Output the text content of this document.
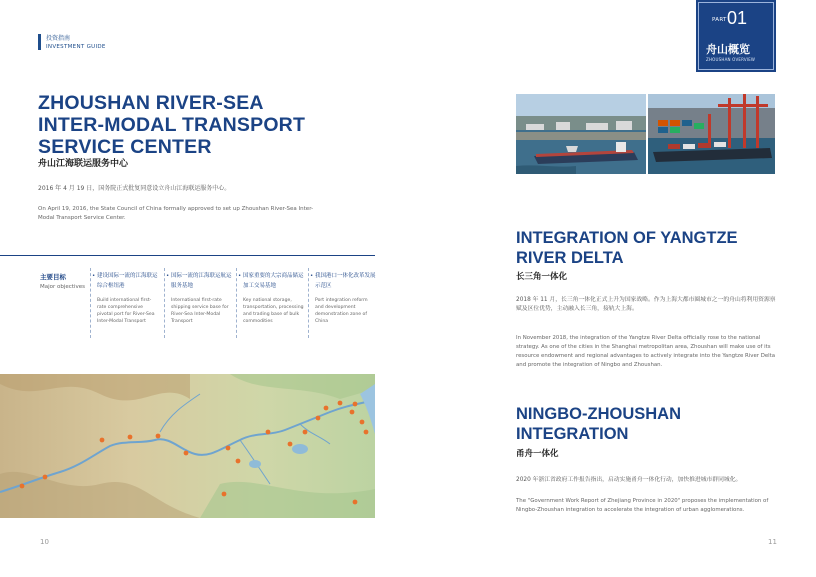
投资指南
INVESTMENT GUIDE
ZHOUSHAN RIVER-SEA
INTER-MODAL TRANSPORT
SERVICE CENTER
舟山江海联运服务中心
2016 年 4 月 19 日，国务院正式批复同意设立舟山江海联运服务中心。
On April 19, 2016, the State Council of China formally approved to set up Zhoushan River-Sea Inter-Modal Transport Service Center.
主要目标
Major objectives
• 建设国际一流的江海联运综合枢纽港
Build international first-rate comprehensive pivotal port for River-Sea Inter-Modal Transport
• 国际一流的江海联运航运服务基地
International first-rate shipping service base for River-Sea Inter-Modal Transport
• 国家重要的大宗商品储运加工交易基地
Key national storage, transportation, processing and trading base of bulk commodities
• 我国港口一体化改革发展示范区
Port integration reform and development demonstration zone of China
10
PART 01
舟山概览
ZHOUSHAN OVERVIEW
INTEGRATION OF YANGTZE
RIVER DELTA
长三角一体化
2018 年 11 月，长三角一体化正式上升为国家战略。作为上海大都市圈城市之一的舟山将利用资源禀赋及区位优势，主动融入长三角，接轨大上海。
In November 2018, the integration of the Yangtze River Delta officially rose to the national strategy. As one of the cities in the Shanghai metropolitan area, Zhoushan will make use of its resource endowment and regional advantages to actively integrate into the Yangtze River Delta and promote the integration of Ningbo and Zhoushan.
NINGBO-ZHOUSHAN
INTEGRATION
甬舟一体化
2020 年浙江省政府工作报告指出，启动实施甬舟一体化行动，加快推进城市群同城化。
The "Government Work Report of Zhejiang Province in 2020" proposes the implementation of Ningbo-Zhoushan integration to accelerate the integration of urban agglomerations.
11
